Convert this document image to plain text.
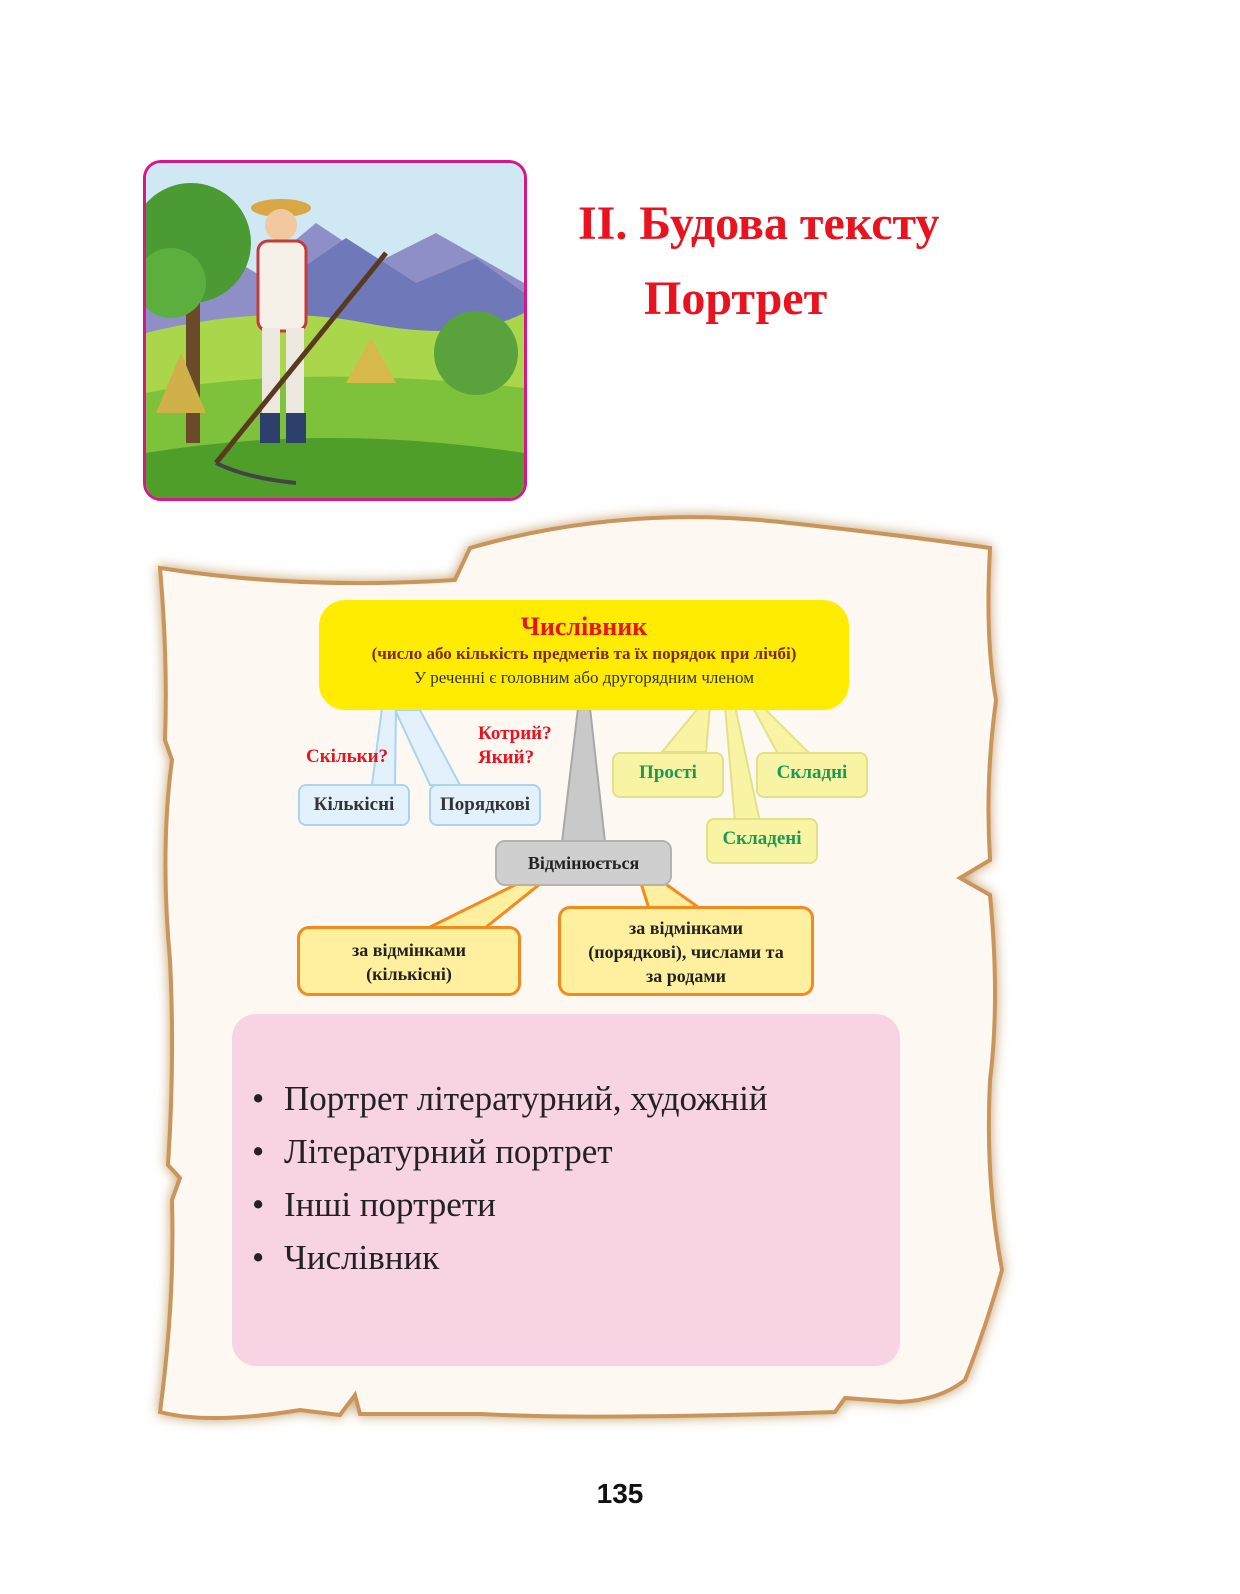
II. Будова тексту
Портрет
Числівник
(число або кількість предметів та їх порядок при лічбі)
У реченні є головним або другорядним членом
Скільки?
Котрий?
Який?
Кількісні	Порядкові
Прості	Складні
Складені
Відмінюється
за відмінками
(кількісні)
за відмінками
(порядкові), числами та
за родами
• Портрет літературний, художній
• Літературний портрет
• Інші портрети
• Числівник
135
